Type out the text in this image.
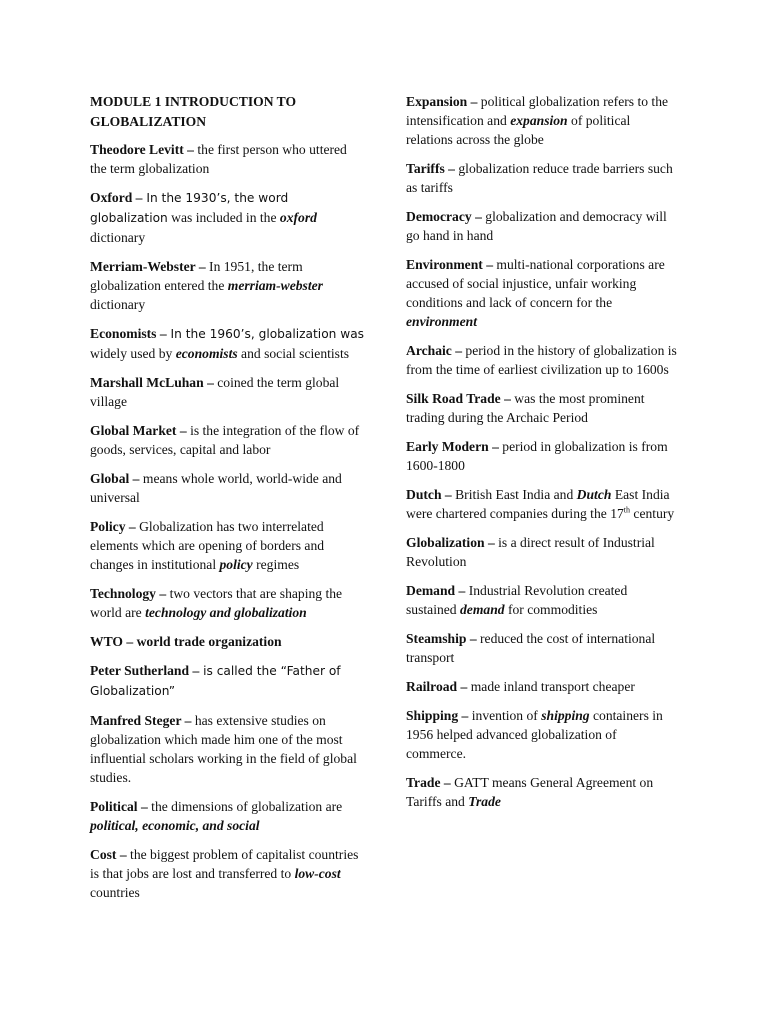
MODULE 1 INTRODUCTION TO GLOBALIZATION

Theodore Levitt – the first person who uttered the term globalization

Oxford – In the 1930’s, the word globalization was included in the oxford dictionary

Merriam-Webster – In 1951, the term globalization entered the merriam-webster dictionary

Economists – In the 1960’s, globalization was widely used by economists and social scientists

Marshall McLuhan – coined the term global village

Global Market – is the integration of the flow of goods, services, capital and labor

Global – means whole world, world-wide and universal

Policy – Globalization has two interrelated elements which are opening of borders and changes in institutional policy regimes

Technology – two vectors that are shaping the world are technology and globalization

WTO – world trade organization

Peter Sutherland – is called the “Father of Globalization”

Manfred Steger – has extensive studies on globalization which made him one of the most influential scholars working in the field of global studies.

Political – the dimensions of globalization are political, economic, and social

Cost – the biggest problem of capitalist countries is that jobs are lost and transferred to low-cost countries

Expansion – political globalization refers to the intensification and expansion of political relations across the globe

Tariffs – globalization reduce trade barriers such as tariffs

Democracy – globalization and democracy will go hand in hand

Environment – multi-national corporations are accused of social injustice, unfair working conditions and lack of concern for the environment

Archaic – period in the history of globalization is from the time of earliest civilization up to 1600s

Silk Road Trade – was the most prominent trading during the Archaic Period

Early Modern – period in globalization is from 1600-1800

Dutch – British East India and Dutch East India were chartered companies during the 17th century

Globalization – is a direct result of Industrial Revolution

Demand – Industrial Revolution created sustained demand for commodities

Steamship – reduced the cost of international transport

Railroad – made inland transport cheaper

Shipping – invention of shipping containers in 1956 helped advanced globalization of commerce.

Trade – GATT means General Agreement on Tariffs and Trade
